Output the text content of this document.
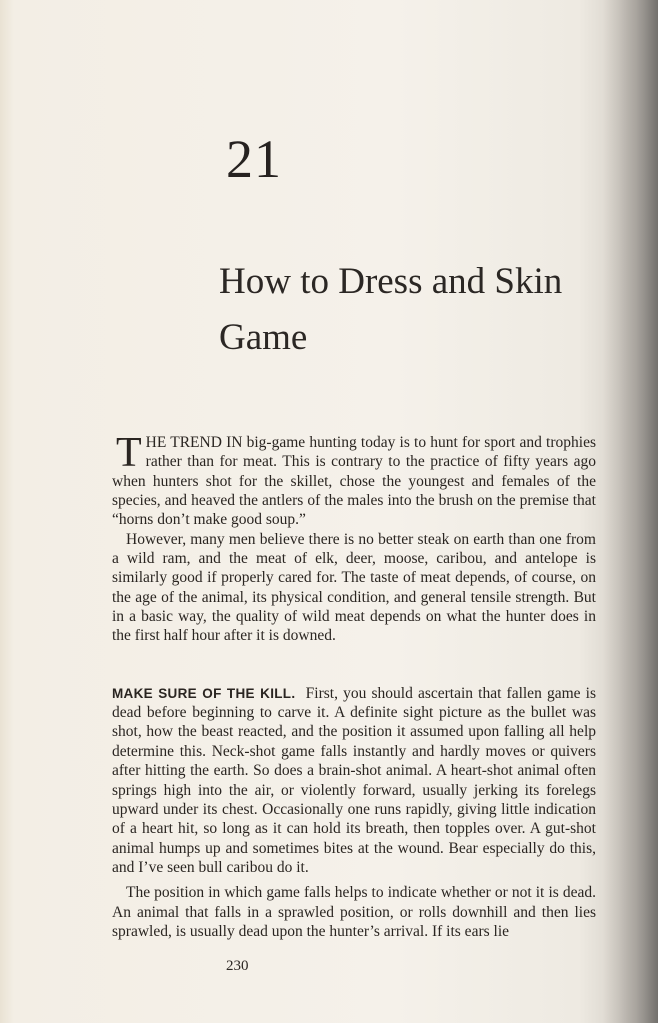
21
How to Dress and Skin Game

THE TREND IN big-game hunting today is to hunt for sport and trophies rather than for meat. This is contrary to the practice of fifty years ago when hunters shot for the skillet, chose the youngest and females of the species, and heaved the antlers of the males into the brush on the premise that “horns don’t make good soup.”

However, many men believe there is no better steak on earth than one from a wild ram, and the meat of elk, deer, moose, caribou, and antelope is similarly good if properly cared for. The taste of meat depends, of course, on the age of the animal, its physical condition, and general tensile strength. But in a basic way, the quality of wild meat depends on what the hunter does in the first half hour after it is downed.

MAKE SURE OF THE KILL.  First, you should ascertain that fallen game is dead before beginning to carve it. A definite sight picture as the bullet was shot, how the beast reacted, and the position it assumed upon falling all help determine this. Neck-shot game falls instantly and hardly moves or quivers after hitting the earth. So does a brain-shot animal. A heart-shot animal often springs high into the air, or violently forward, usually jerking its forelegs upward under its chest. Occasionally one runs rapidly, giving little indication of a heart hit, so long as it can hold its breath, then topples over. A gut-shot animal humps up and sometimes bites at the wound. Bear especially do this, and I’ve seen bull caribou do it.

The position in which game falls helps to indicate whether or not it is dead. An animal that falls in a sprawled position, or rolls downhill and then lies sprawled, is usually dead upon the hunter’s arrival. If its ears lie

230
